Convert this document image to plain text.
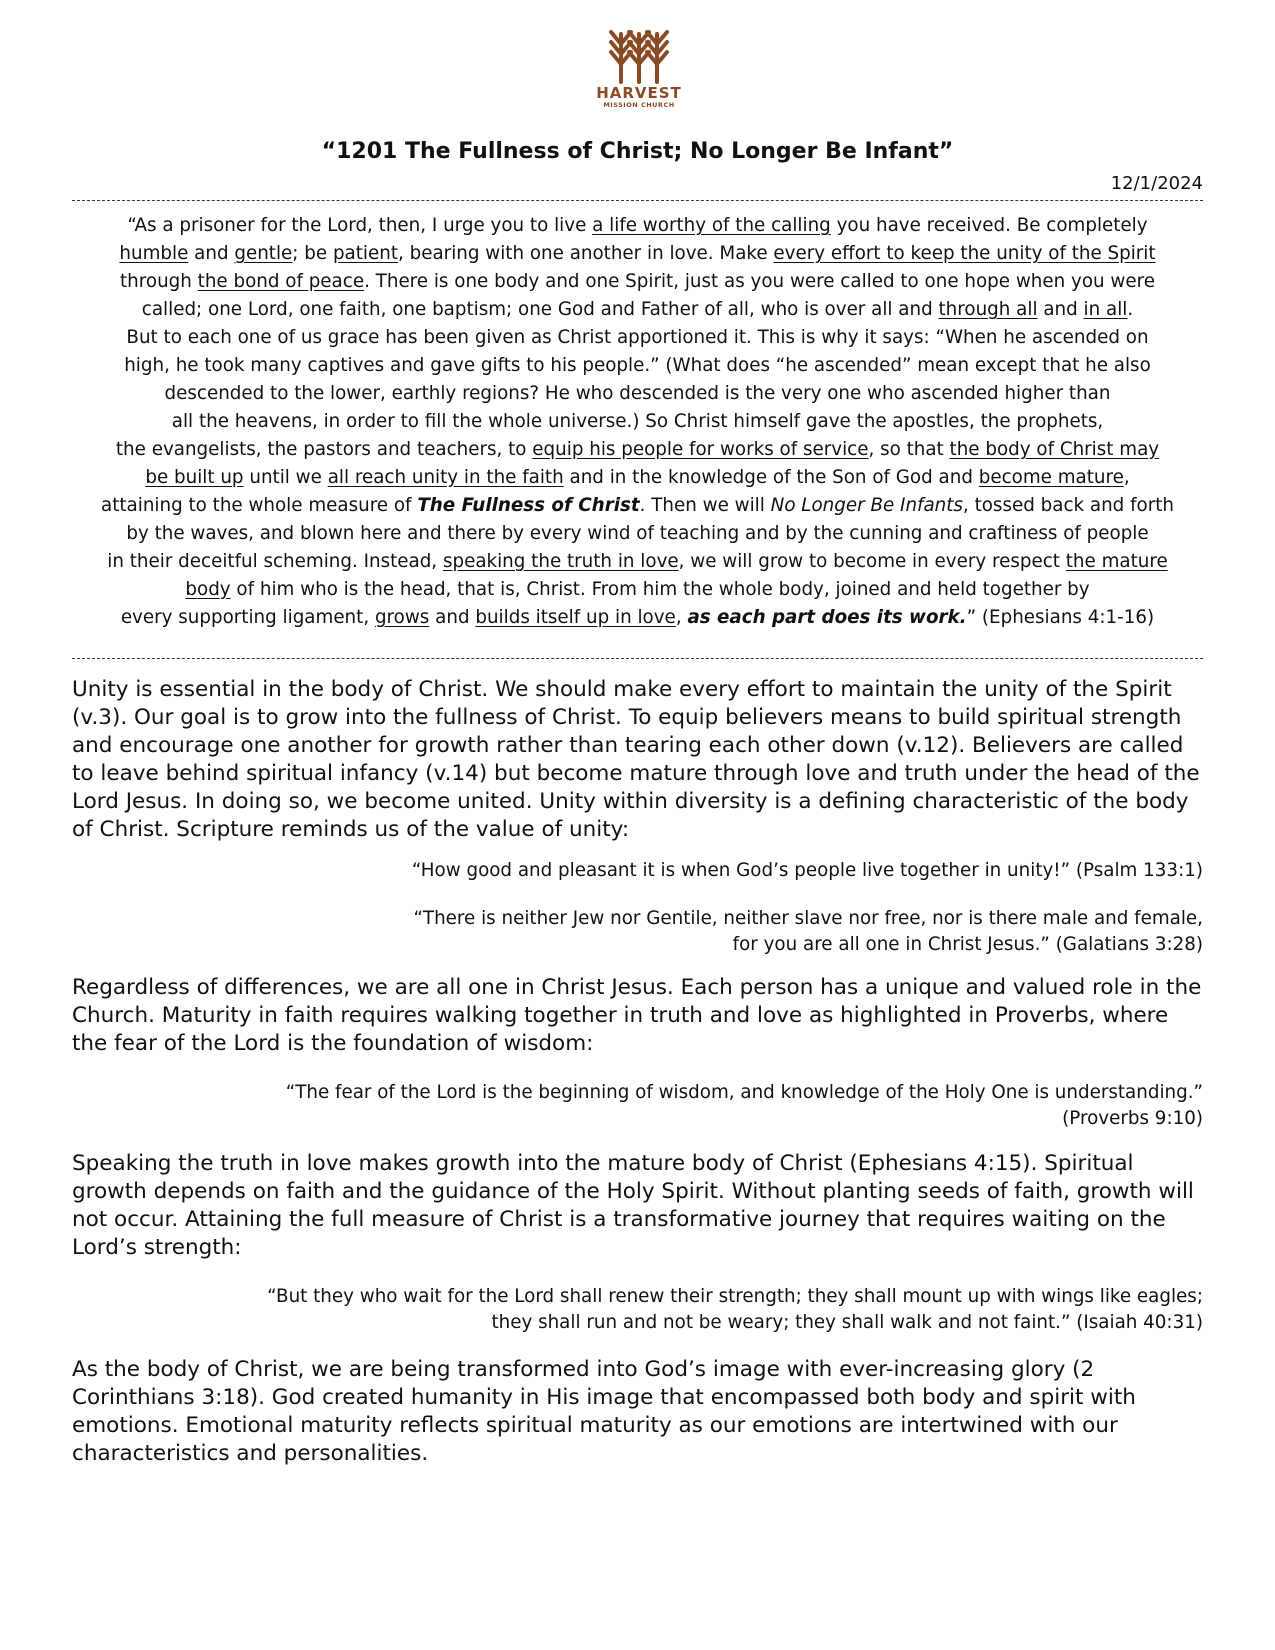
HARVEST
MISSION CHURCH
“1201 The Fullness of Christ; No Longer Be Infant”
12/1/2024
“As a prisoner for the Lord, then, I urge you to live a life worthy of the calling you have received. Be completely
humble and gentle; be patient, bearing with one another in love. Make every effort to keep the unity of the Spirit
through the bond of peace. There is one body and one Spirit, just as you were called to one hope when you were
called; one Lord, one faith, one baptism; one God and Father of all, who is over all and through all and in all.
But to each one of us grace has been given as Christ apportioned it. This is why it says: “When he ascended on
high, he took many captives and gave gifts to his people.” (What does “he ascended” mean except that he also
descended to the lower, earthly regions? He who descended is the very one who ascended higher than
all the heavens, in order to fill the whole universe.) So Christ himself gave the apostles, the prophets,
the evangelists, the pastors and teachers, to equip his people for works of service, so that the body of Christ may
be built up until we all reach unity in the faith and in the knowledge of the Son of God and become mature,
attaining to the whole measure of The Fullness of Christ. Then we will No Longer Be Infants, tossed back and forth
by the waves, and blown here and there by every wind of teaching and by the cunning and craftiness of people
in their deceitful scheming. Instead, speaking the truth in love, we will grow to become in every respect the mature
body of him who is the head, that is, Christ. From him the whole body, joined and held together by
every supporting ligament, grows and builds itself up in love, as each part does its work.” (Ephesians 4:1-16)
Unity is essential in the body of Christ. We should make every effort to maintain the unity of the Spirit
(v.3). Our goal is to grow into the fullness of Christ. To equip believers means to build spiritual strength
and encourage one another for growth rather than tearing each other down (v.12). Believers are called
to leave behind spiritual infancy (v.14) but become mature through love and truth under the head of the
Lord Jesus. In doing so, we become united. Unity within diversity is a defining characteristic of the body
of Christ. Scripture reminds us of the value of unity:
“How good and pleasant it is when God’s people live together in unity!” (Psalm 133:1)
“There is neither Jew nor Gentile, neither slave nor free, nor is there male and female,
for you are all one in Christ Jesus.” (Galatians 3:28)
Regardless of differences, we are all one in Christ Jesus. Each person has a unique and valued role in the
Church. Maturity in faith requires walking together in truth and love as highlighted in Proverbs, where
the fear of the Lord is the foundation of wisdom:
“The fear of the Lord is the beginning of wisdom, and knowledge of the Holy One is understanding.”
(Proverbs 9:10)
Speaking the truth in love makes growth into the mature body of Christ (Ephesians 4:15). Spiritual
growth depends on faith and the guidance of the Holy Spirit. Without planting seeds of faith, growth will
not occur. Attaining the full measure of Christ is a transformative journey that requires waiting on the
Lord’s strength:
“But they who wait for the Lord shall renew their strength; they shall mount up with wings like eagles;
they shall run and not be weary; they shall walk and not faint.” (Isaiah 40:31)
As the body of Christ, we are being transformed into God’s image with ever-increasing glory (2
Corinthians 3:18). God created humanity in His image that encompassed both body and spirit with
emotions. Emotional maturity reflects spiritual maturity as our emotions are intertwined with our
characteristics and personalities.
